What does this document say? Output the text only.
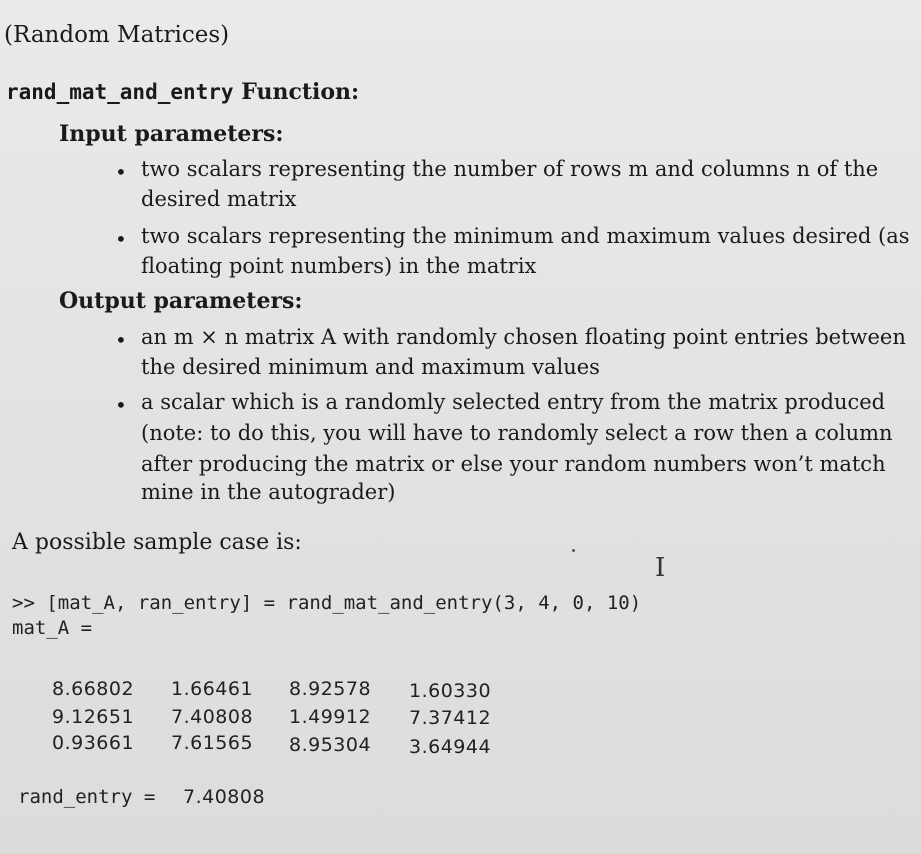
(Random Matrices)
rand_mat_and_entry Function:
Input parameters:
• two scalars representing the number of rows m and columns n of the
desired matrix
• two scalars representing the minimum and maximum values desired (as
floating point numbers) in the matrix
Output parameters:
• an m × n matrix A with randomly chosen floating point entries between
the desired minimum and maximum values
• a scalar which is a randomly selected entry from the matrix produced
(note: to do this, you will have to randomly select a row then a column
after producing the matrix or else your random numbers won’t match
mine in the autograder)
A possible sample case is:
I
>> [mat_A, ran_entry] = rand_mat_and_entry(3, 4, 0, 10)
mat_A =
8.66802 1.66461 8.92578 1.60330
9.12651 7.40808 1.49912 7.37412
0.93661 7.61565 8.95304 3.64944
rand_entry = 7.40808
